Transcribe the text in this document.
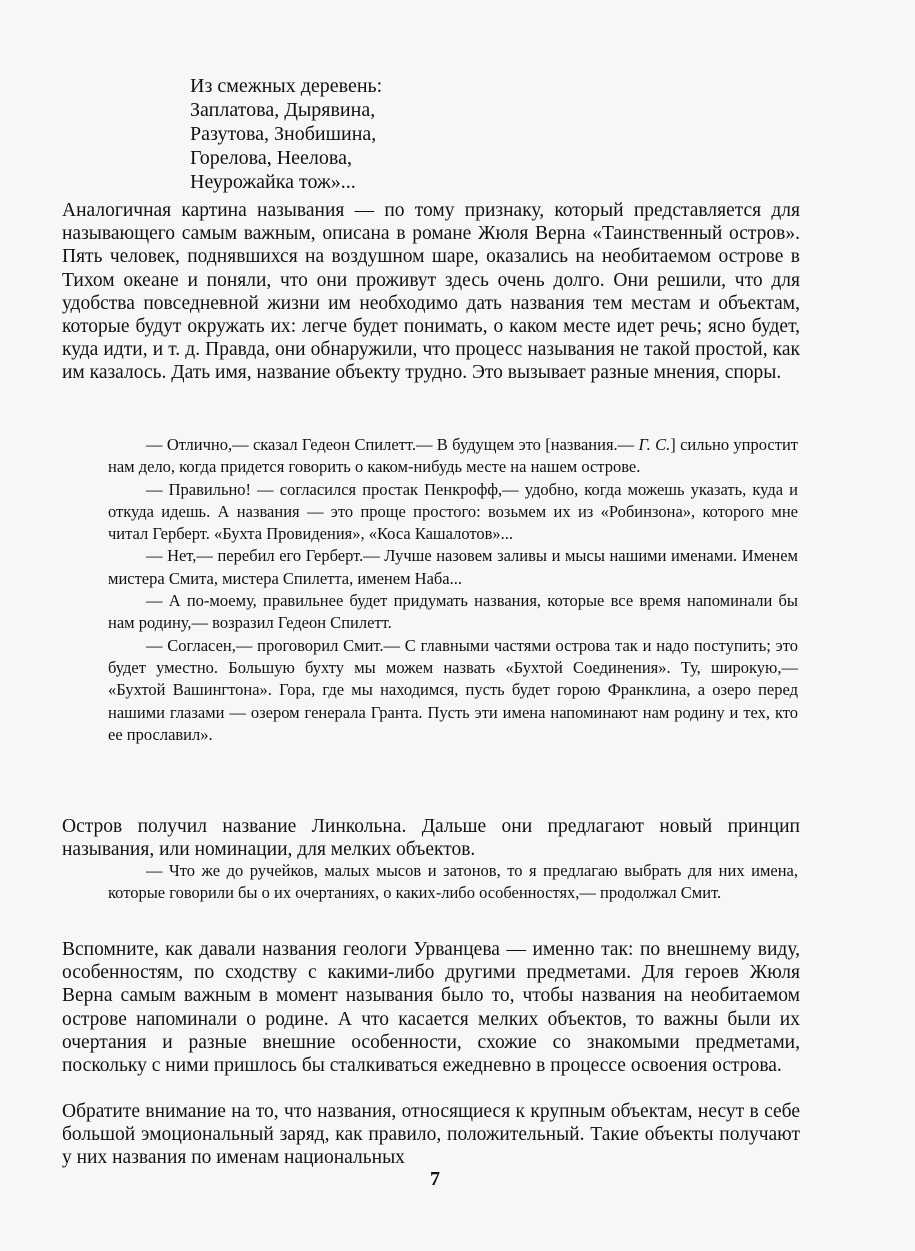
Из смежных деревень:
Заплатова, Дырявина,
Разутова, Знобишина,
Горелова, Неелова,
Неурожайка тож»...

Аналогичная картина называния — по тому признаку, который представляется для называющего самым важным, описана в романе Жюля Верна «Таинственный остров». Пять человек, поднявшихся на воздушном шаре, оказались на необитаемом острове в Тихом океане и поняли, что они проживут здесь очень долго. Они решили, что для удобства повседневной жизни им необходимо дать названия тем местам и объектам, которые будут окружать их: легче будет понимать, о каком месте идет речь; ясно будет, куда идти, и т. д. Правда, они обнаружили, что процесс называния не такой простой, как им казалось. Дать имя, название объекту трудно. Это вызывает разные мнения, споры.

— Отлично,— сказал Гедеон Спилетт.— В будущем это [названия.— Г. С.] сильно упростит нам дело, когда придется говорить о каком-нибудь месте на нашем острове.

— Правильно! — согласился простак Пенкрофф,— удобно, когда можешь указать, куда и откуда идешь. А названия — это проще простого: возьмем их из «Робинзона», которого мне читал Герберт. «Бухта Провидения», «Коса Кашалотов»...

— Нет,— перебил его Герберт.— Лучше назовем заливы и мысы нашими именами. Именем мистера Смита, мистера Спилетта, именем Наба...

— А по-моему, правильнее будет придумать названия, которые все время напоминали бы нам родину,— возразил Гедеон Спилетт.

— Согласен,— проговорил Смит.— С главными частями острова так и надо поступить; это будет уместно. Большую бухту мы можем назвать «Бухтой Соединения». Ту, широкую,— «Бухтой Вашингтона». Гора, где мы находимся, пусть будет горою Франклина, а озеро перед нашими глазами — озером генерала Гранта. Пусть эти имена напоминают нам родину и тех, кто ее прославил».

Остров получил название Линкольна. Дальше они предлагают новый принцип называния, или номинации, для мелких объектов.

— Что же до ручейков, малых мысов и затонов, то я предлагаю выбрать для них имена, которые говорили бы о их очертаниях, о каких-либо особенностях,— продолжал Смит.

Вспомните, как давали названия геологи Урванцева — именно так: по внешнему виду, особенностям, по сходству с какими-либо другими предметами. Для героев Жюля Верна самым важным в момент называния было то, чтобы названия на необитаемом острове напоминали о родине. А что касается мелких объектов, то важны были их очертания и разные внешние особенности, схожие со знакомыми предметами, поскольку с ними пришлось бы сталкиваться ежедневно в процессе освоения острова.

Обратите внимание на то, что названия, относящиеся к крупным объектам, несут в себе большой эмоциональный заряд, как правило, положительный. Такие объекты получают у них названия по именам национальных

7
